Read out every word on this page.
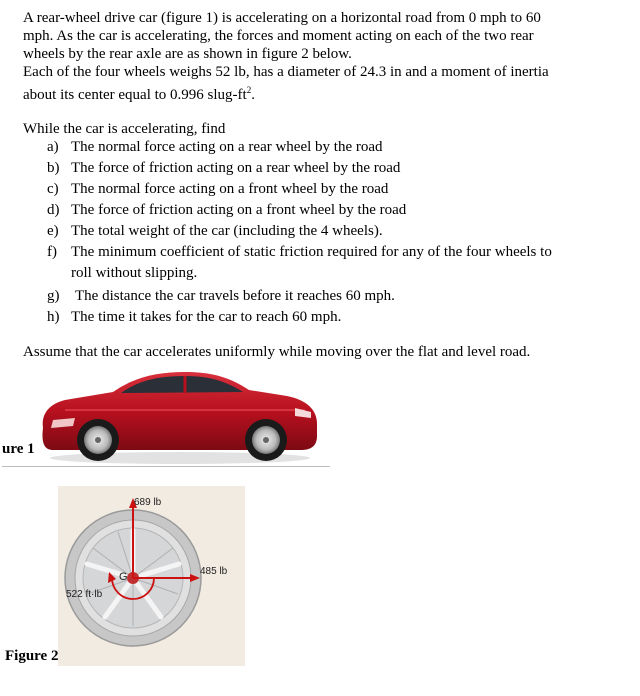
A rear-wheel drive car (figure 1) is accelerating on a horizontal road from 0 mph to 60
mph. As the car is accelerating, the forces and moment acting on each of the two rear
wheels by the rear axle are as shown in figure 2 below.
Each of the four wheels weighs 52 lb, has a diameter of 24.3 in and a moment of inertia
about its center equal to 0.996 slug-$ft^2$.
While the car is accelerating, find
a) The normal force acting on a rear wheel by the road
b) The force of friction acting on a rear wheel by the road
c) The normal force acting on a front wheel by the road
d) The force of friction acting on a front wheel by the road
e) The total weight of the car (including the 4 wheels).
f) The minimum coefficient of static friction required for any of the four wheels to
roll without slipping.
g) The distance the car travels before it reaches 60 mph.
h) The time it takes for the car to reach 60 mph.
Assume that the car accelerates uniformly while moving over the flat and level road.
ure 1
689 lb
485 lb
522 ft·lb
G
Figure 2
